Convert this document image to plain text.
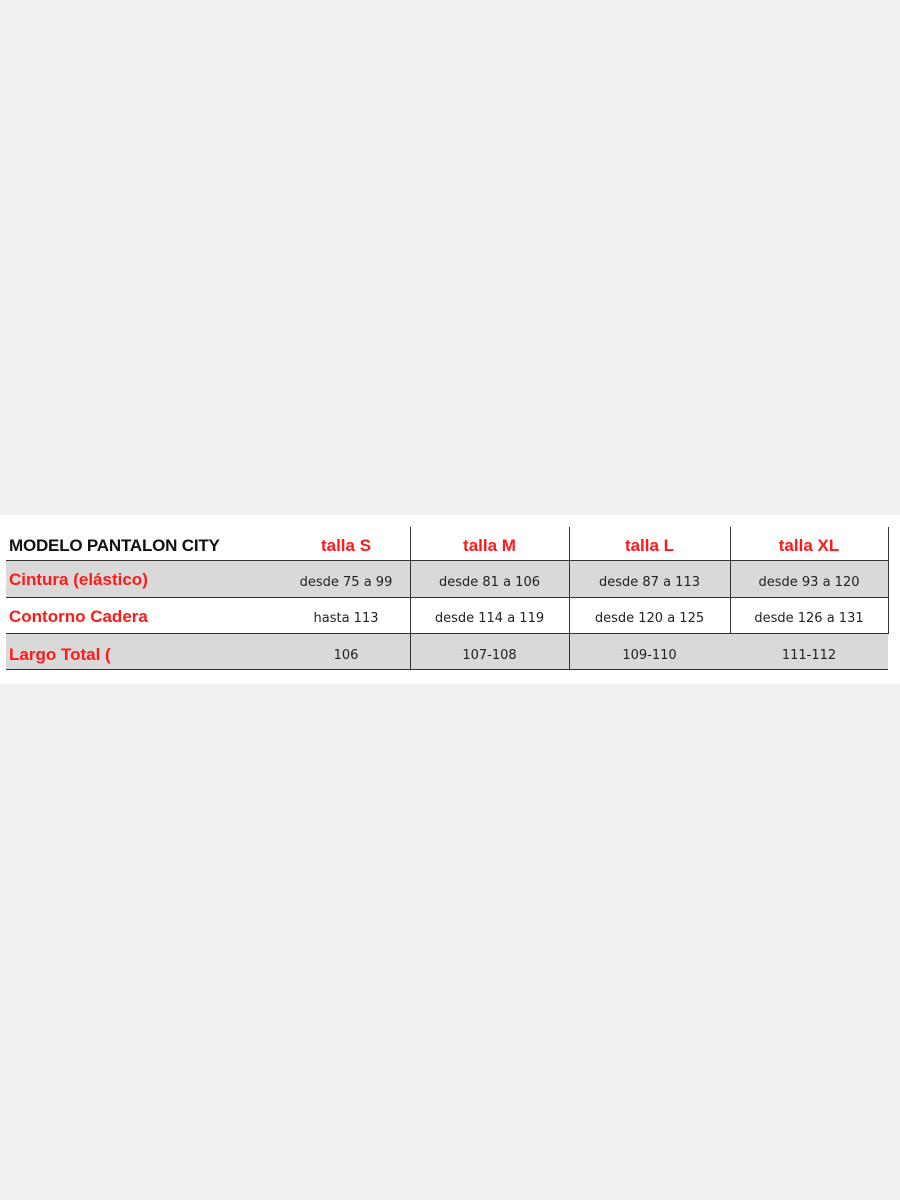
MODELO PANTALON CITY	talla S	talla M	talla L	talla XL
Cintura (elástico)	desde 75 a 99	desde 81 a 106	desde 87 a 113	desde 93 a 120
Contorno Cadera	hasta 113	desde 114 a 119	desde 120 a 125	desde 126 a 131
Largo Total (	106	107-108	109-110	111-112
